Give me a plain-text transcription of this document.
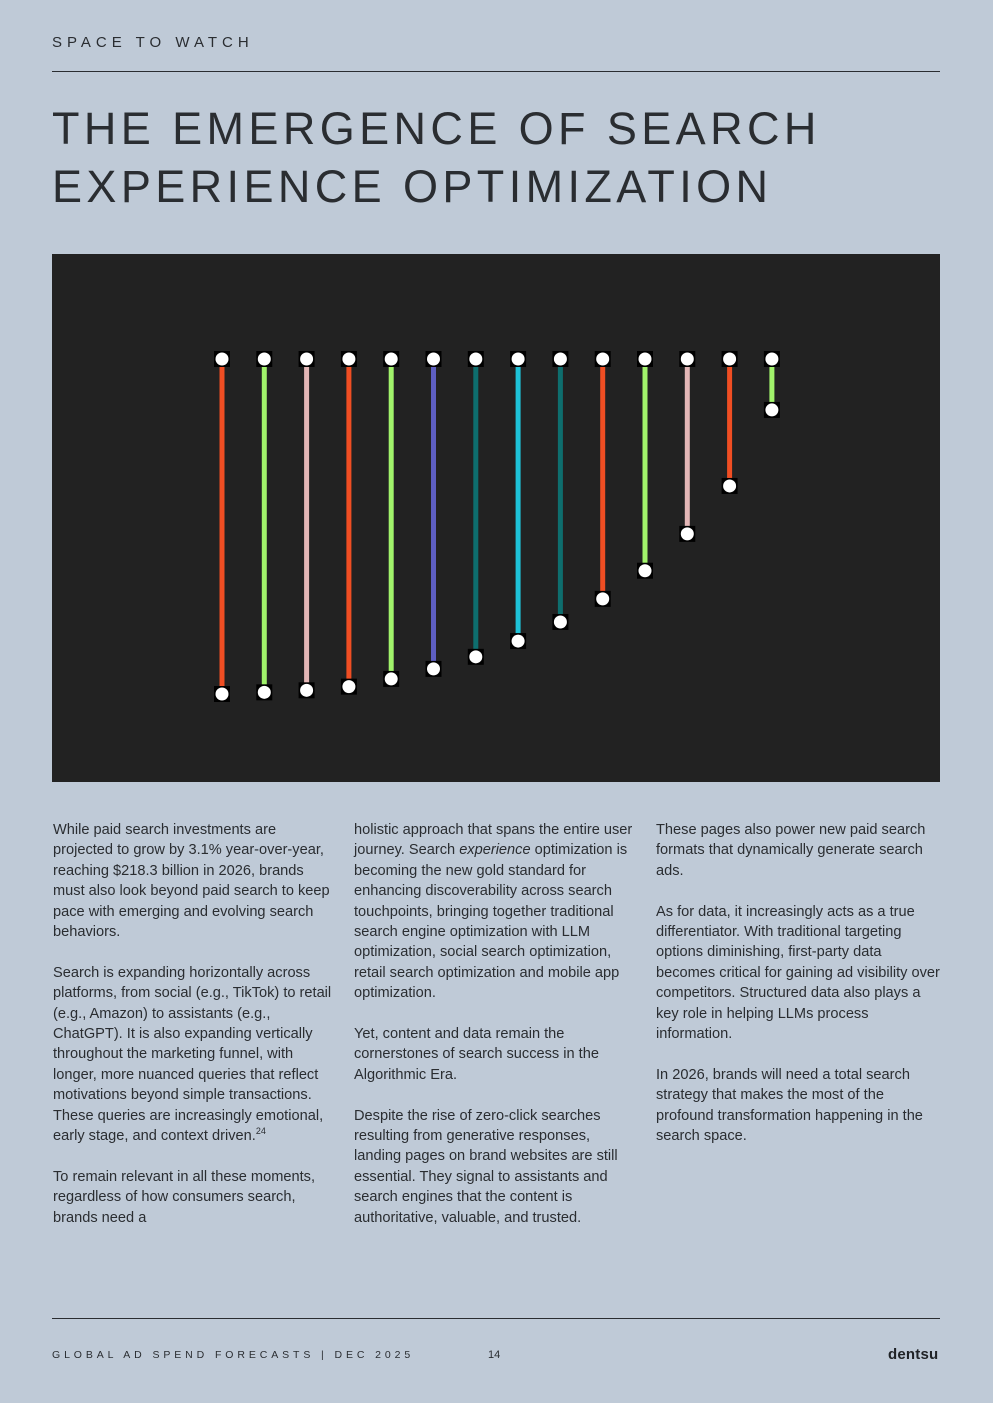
SPACE TO WATCH
THE EMERGENCE OF SEARCH
EXPERIENCE OPTIMIZATION

While paid search investments are projected to grow by 3.1% year-over-year, reaching $218.3 billion in 2026, brands must also look beyond paid search to keep pace with emerging and evolving search behaviors.

Search is expanding horizontally across platforms, from social (e.g., TikTok) to retail (e.g., Amazon) to assistants (e.g., ChatGPT). It is also expanding vertically throughout the marketing funnel, with longer, more nuanced queries that reflect motivations beyond simple transactions. These queries are increasingly emotional, early stage, and context driven.$^{24}$

To remain relevant in all these moments, regardless of how consumers search, brands need a

holistic approach that spans the entire user journey. Search experience optimization is becoming the new gold standard for enhancing discoverability across search touchpoints, bringing together traditional search engine optimization with LLM optimization, social search optimization, retail search optimization and mobile app optimization.

Yet, content and data remain the cornerstones of search success in the Algorithmic Era.

Despite the rise of zero-click searches resulting from generative responses, landing pages on brand websites are still essential. They signal to assistants and search engines that the content is authoritative, valuable, and trusted.

These pages also power new paid search formats that dynamically generate search ads.

As for data, it increasingly acts as a true differentiator. With traditional targeting options diminishing, first-party data becomes critical for gaining ad visibility over competitors. Structured data also plays a key role in helping LLMs process information.

In 2026, brands will need a total search strategy that makes the most of the profound transformation happening in the search space.

GLOBAL AD SPEND FORECASTS | DEC 2025	14	dentsu
